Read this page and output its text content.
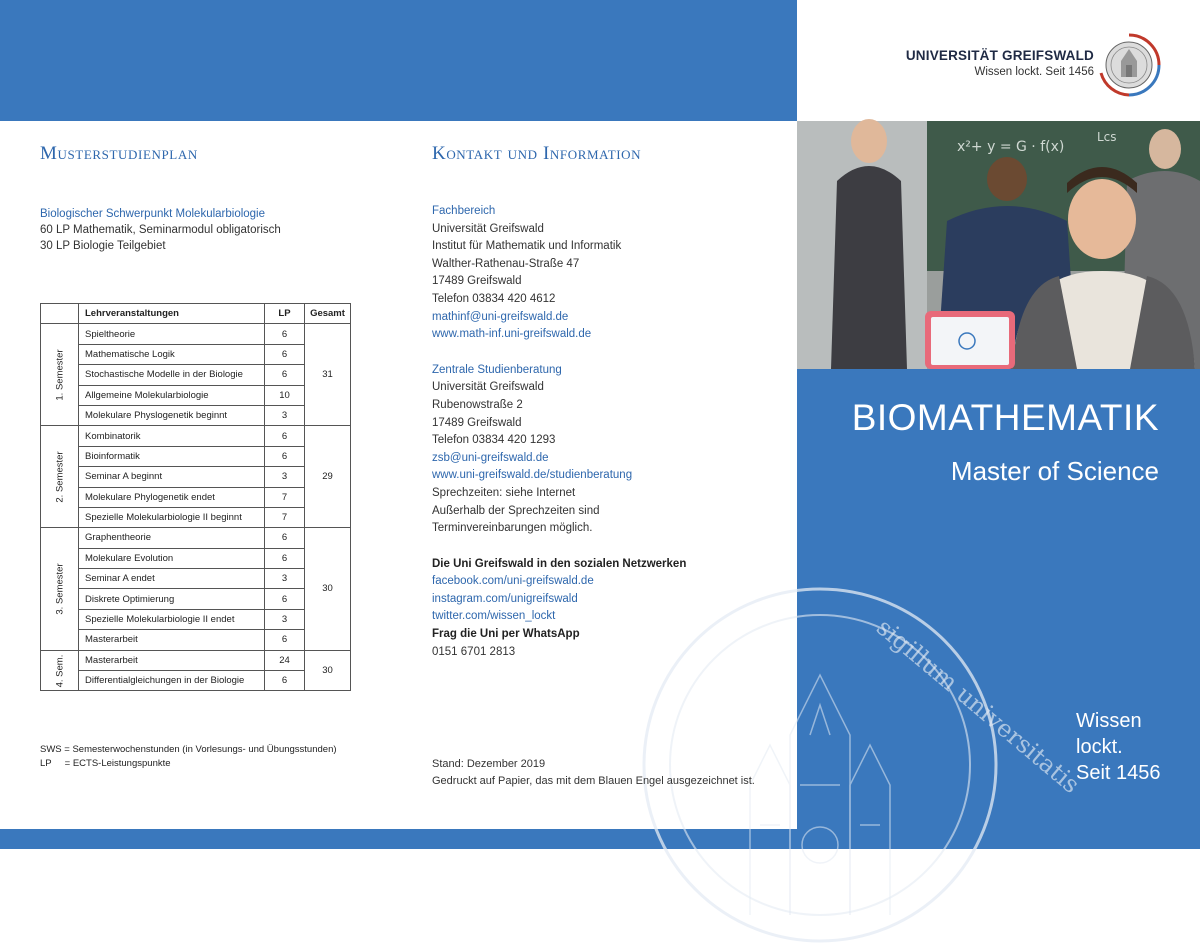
UNIVERSITÄT GREIFSWALD
Wissen lockt. Seit 1456
x²+ y = G · f(x)
Lcs
sigillum universitatis
BIOMATHEMATIK
Master of Science
Wissen
lockt.
Seit 1456
Musterstudienplan
Biologischer Schwerpunkt Molekularbiologie
60 LP Mathematik, Seminarmodul obligatorisch
30 LP Biologie Teilgebiet
	Lehrveranstaltungen	LP	Gesamt

1. Semester	Spieltheorie	6	31
	Mathematische Logik	6	
	Stochastische Modelle in der Biologie	6	
	Allgemeine Molekularbiologie	10	
	Molekulare Physlogenetik beginnt	3	

2. Semester	Kombinatorik	6	29
	Bioinformatik	6	
	Seminar A beginnt	3	
	Molekulare Phylogenetik endet	7	
	Spezielle Molekularbiologie II beginnt	7	

3. Semester	Graphentheorie	6	30
	Molekulare Evolution	6	
	Seminar A endet	3	
	Diskrete Optimierung	6	
	Spezielle Molekularbiologie II endet	3	
	Masterarbeit	6	

4. Sem.	Masterarbeit	24	30
	Differentialgleichungen in der Biologie	6	
SWS = Semesterwochenstunden (in Vorlesungs- und Übungsstunden)
LP     = ECTS-Leistungspunkte
Kontakt und Information
Fachbereich
Universität Greifswald
Institut für Mathematik und Informatik
Walther-Rathenau-Straße 47
17489 Greifswald
Telefon 03834 420 4612
mathinf@uni-greifswald.de
www.math-inf.uni-greifswald.de
Zentrale Studienberatung
Universität Greifswald
Rubenowstraße 2
17489 Greifswald
Telefon 03834 420 1293
zsb@uni-greifswald.de
www.uni-greifswald.de/studienberatung
Sprechzeiten: siehe Internet
Außerhalb der Sprechzeiten sind
Terminvereinbarungen möglich.
Die Uni Greifswald in den sozialen Netzwerken
facebook.com/uni-greifswald.de
instagram.com/unigreifswald
twitter.com/wissen_lockt
Frag die Uni per WhatsApp
0151 6701 2813
Stand: Dezember 2019
Gedruckt auf Papier, das mit dem Blauen Engel ausgezeichnet ist.
